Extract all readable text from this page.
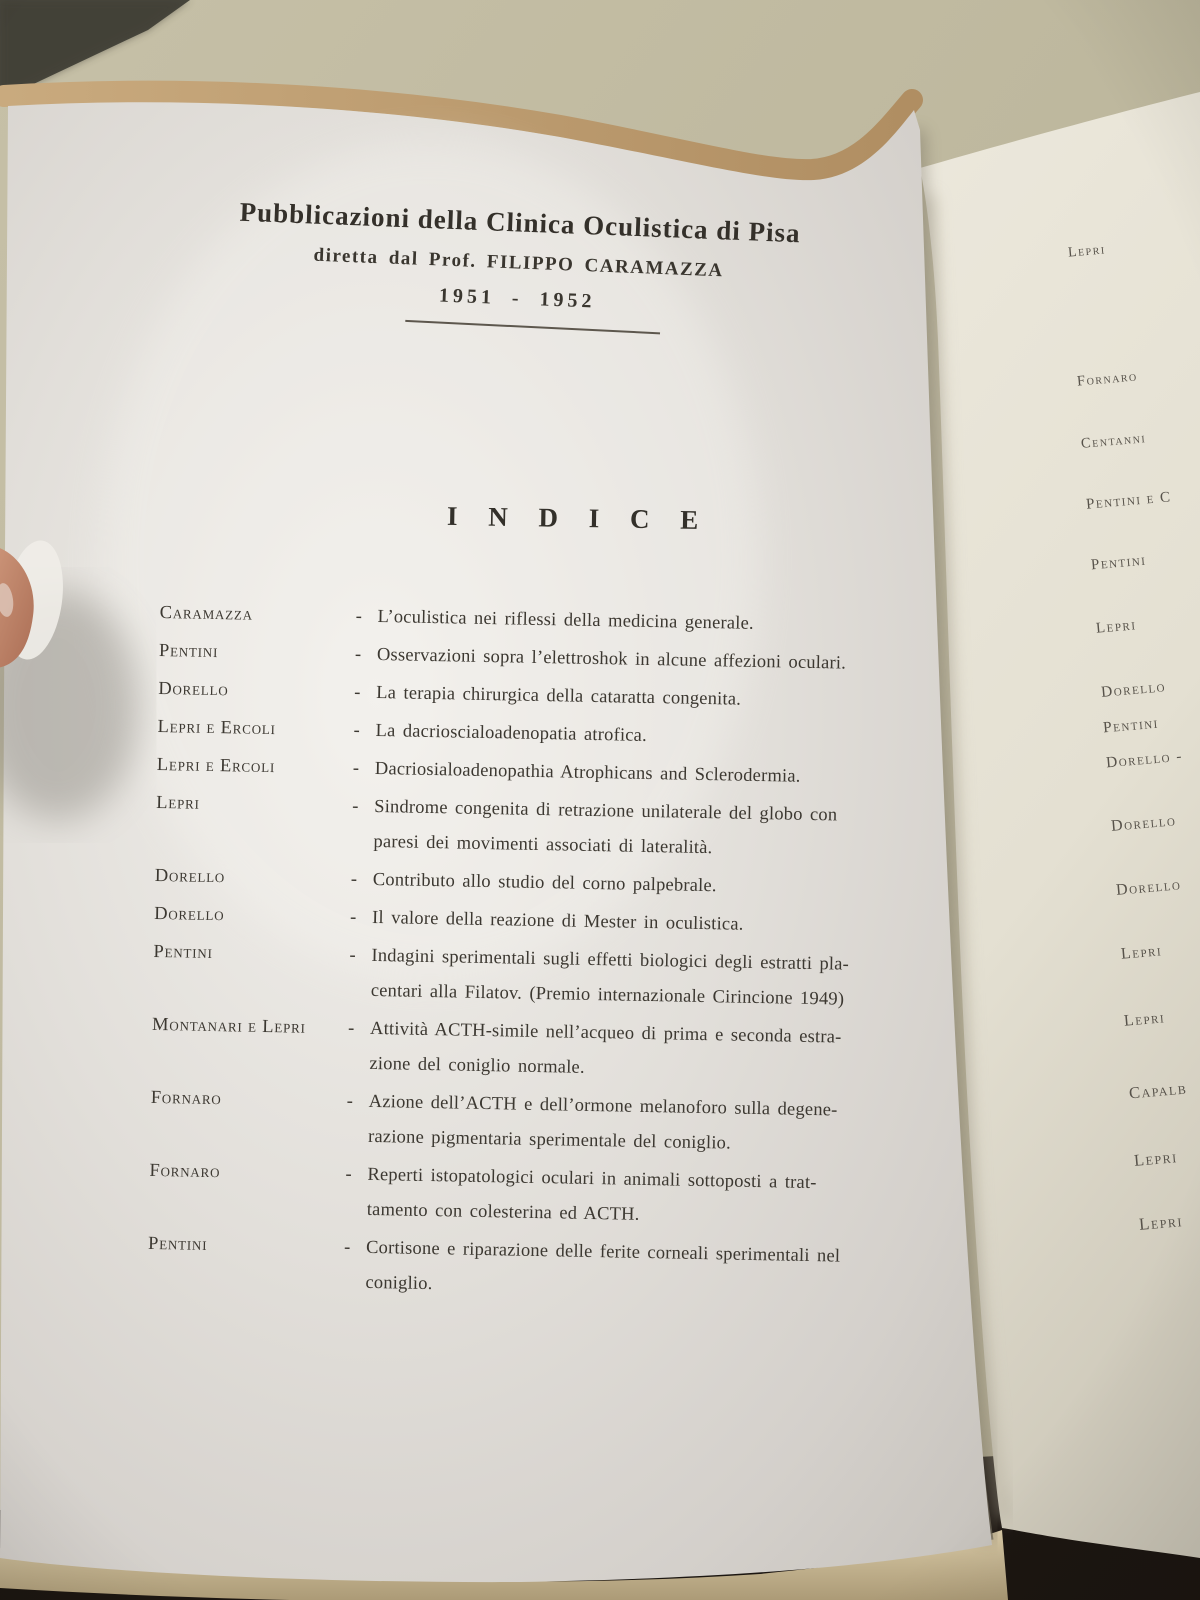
Pubblicazioni della Clinica Oculistica di Pisa
diretta dal Prof. FILIPPO CARAMAZZA
1951 - 1952
I N D I C E
Caramazza	- L’oculistica nei riflessi della medicina generale.
Pentini	- Osservazioni sopra l’elettroshok in alcune affezioni oculari.
Dorello	- La terapia chirurgica della cataratta congenita.
Lepri e Ercoli	- La dacrioscialoadenopatia atrofica.
Lepri e Ercoli	- Dacriosialoadenopathia Atrophicans and Sclerodermia.
Lepri	- Sindrome congenita di retrazione unilaterale del globo con
paresi dei movimenti associati di lateralità.
Dorello	- Contributo allo studio del corno palpebrale.
Dorello	- Il valore della reazione di Mester in oculistica.
Pentini	- Indagini sperimentali sugli effetti biologici degli estratti pla-
centari alla Filatov. (Premio internazionale Cirincione 1949)
Montanari e Lepri	- Attività ACTH-simile nell’acqueo di prima e seconda estra-
zione del coniglio normale.
Fornaro	- Azione dell’ACTH e dell’ormone melanoforo sulla degene-
razione pigmentaria sperimentale del coniglio.
Fornaro	- Reperti istopatologici oculari in animali sottoposti a trat-
tamento con colesterina ed ACTH.
Pentini	- Cortisone e riparazione delle ferite corneali sperimentali nel
coniglio.
Lepri
Fornaro
Centanni
Pentini e C
Pentini
Lepri
Dorello
Pentini
Dorello -
Dorello
Dorello
Lepri
Lepri
Capalb
Lepri
Lepri
